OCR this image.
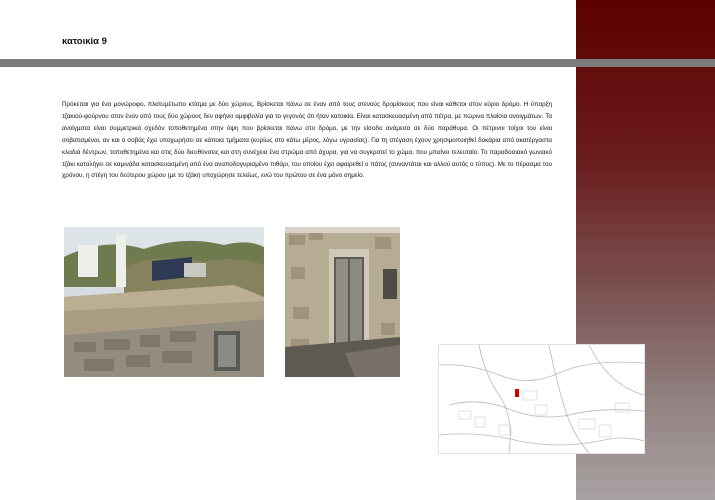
κατοικία 9
Πρόκειται για ένα μονώροφο, πλατυμέτωπο κτίσμα με δύο χώρους. Βρίσκεται πάνω σε έναν από τους στενούς δρομίσκους που είναι κάθετοι στον κύριο δρόμο. Η ύπαρξη τζακιού-φούρνου στον έναν από τους δύο χώρους δεν αφήνει αμφιβολία για το γεγονός ότι ήταν κατοικία. Είναι κατασκευασμένη από πέτρα, με πώρινα πλαίσια ανοιγμάτων. Τα ανοίγματα είναι συμμετρικά σχεδόν τοποθετημένα στην όψη που βρίσκεται πάνω στο δρόμο, με την είσοδο ανάμεσα σε δύο παράθυρα. Οι πέτρινοι τοίχοι του είναι σοβατισμένοι, αν και ο σοβάς έχει υποχωρήσει σε κάποια τμήματα (κυρίως στο κάτω μέρος, λόγω υγρασίας). Για τη στέγαση έχουν χρησιμοποιηθεί δοκάρια από ακατέργαστα κλαδιά δέντρων, τοποθετημένα και στις δύο διευθύνσεις και στη συνέχεια ένα στρώμα από άχυρα, για να συγκρατεί το χώμα, που μπαίνει τελευταίο. Το παραδοσιακό γωνιακό τζάκι καταλήγει σε καμινάδα κατασκευασμένη από ένα αναποδογυρισμένο πιθάρι, του οποίου έχει αφαιρεθεί ο πάτος (συναντάται και αλλού αυτός ο τύπος). Με το πέρασμα του χρόνου, η στέγη του δεύτερου χώρου (με το τζάκι) υποχώρησε τελείως, ενώ του πρώτου σε ένα μόνο σημείο.
